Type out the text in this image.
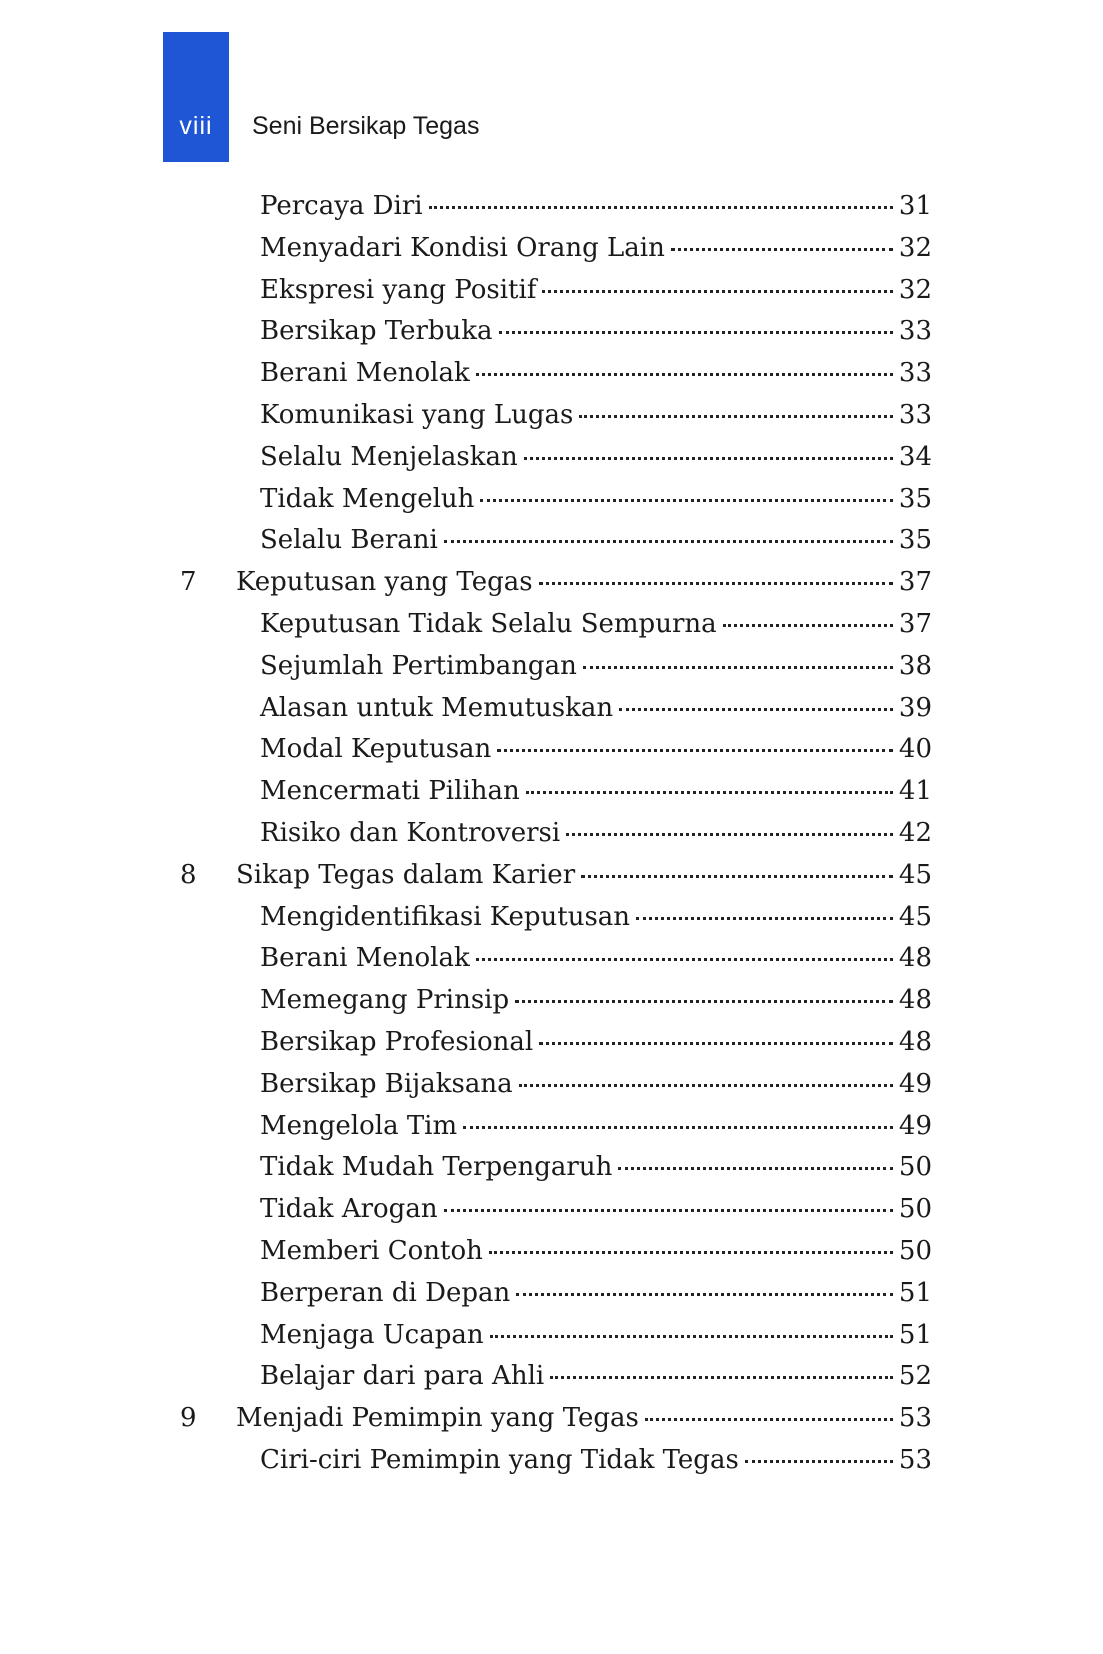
viii	Seni Bersikap Tegas
Percaya Diri	31
Menyadari Kondisi Orang Lain	32
Ekspresi yang Positif	32
Bersikap Terbuka	33
Berani Menolak	33
Komunikasi yang Lugas	33
Selalu Menjelaskan	34
Tidak Mengeluh	35
Selalu Berani	35
7 Keputusan yang Tegas	37
Keputusan Tidak Selalu Sempurna	37
Sejumlah Pertimbangan	38
Alasan untuk Memutuskan	39
Modal Keputusan	40
Mencermati Pilihan	41
Risiko dan Kontroversi	42
8 Sikap Tegas dalam Karier	45
Mengidentifikasi Keputusan	45
Berani Menolak	48
Memegang Prinsip	48
Bersikap Profesional	48
Bersikap Bijaksana	49
Mengelola Tim	49
Tidak Mudah Terpengaruh	50
Tidak Arogan	50
Memberi Contoh	50
Berperan di Depan	51
Menjaga Ucapan	51
Belajar dari para Ahli	52
9 Menjadi Pemimpin yang Tegas	53
Ciri-ciri Pemimpin yang Tidak Tegas	53
